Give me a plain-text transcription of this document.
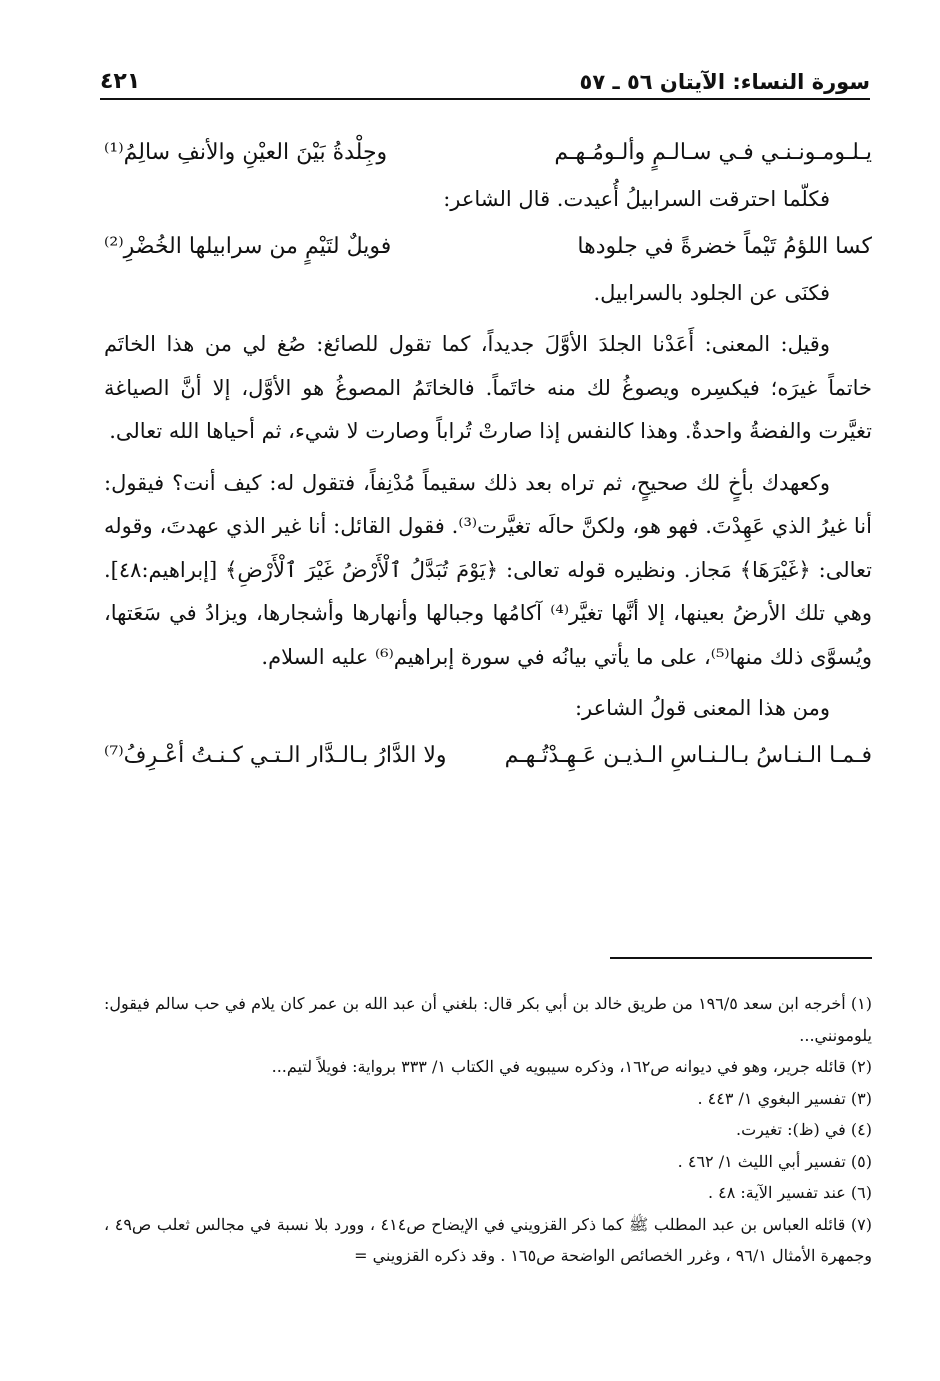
سورة النساء: الآيتان ٥٦ ـ ٥٧
٤٢١
يـلـومـونـنـي فـي سـالـمٍ وألـومُـهـم
وجِلْدةُ بَيْنَ العيْنِ والأنفِ سالِمُ⁽¹⁾

فكلّما احترقت السرابيلُ أُعيدت. قال الشاعر:

كسا اللؤمُ تَيْماً خضرةً في جلودها
فويلٌ لتَيْمٍ من سرابيلها الخُضْرِ⁽²⁾

فكنَى عن الجلود بالسرابيل.

وقيل: المعنى: أَعَدْنا الجلدَ الأوَّلَ جديداً، كما تقول للصائغ: صُغ لي من هذا الخاتَم خاتماً غيرَه؛ فيكسِره ويصوغُ لك منه خاتَماً. فالخاتَمُ المصوغُ هو الأوَّل، إلا أنَّ الصياغة تغيَّرت والفضةُ واحدةٌ. وهذا كالنفس إذا صارتْ تُراباً وصارت لا شيء، ثم أحياها الله تعالى.

وكعهدك بأخٍ لك صحيحٍ، ثم تراه بعد ذلك سقيماً مُدْنِفاً، فتقول له: كيف أنت؟ فيقول: أنا غيرُ الذي عَهِدْتَ. فهو هو، ولكنَّ حالَه تغيَّرت⁽³⁾. فقول القائل: أنا غير الذي عهدتَ، وقوله تعالى: ﴿غَيْرَهَا﴾ مَجاز. ونظيره قوله تعالى: ﴿يَوْمَ تُبَدَّلُ ٱلْأَرْضُ غَيْرَ ٱلْأَرْضِ﴾ [إبراهيم:٤٨]. وهي تلك الأرضُ بعينها، إلا أنَّها تغيَّر⁽⁴⁾ آكامُها وجبالها وأنهارها وأشجارها، ويزادُ في سَعَتها، ويُسوَّى ذلك منها⁽⁵⁾، على ما يأتي بيانُه في سورة إبراهيم⁽⁶⁾ عليه السلام.

ومن هذا المعنى قولُ الشاعر:

فـمـا الـنـاسُ بـالـنـاسِ الـذيـن عَـهِـدْتُـهـم
ولا الدَّارُ بـالـدَّار الـتـي كـنـتُ أعْـرِفُ⁽⁷⁾

(١) أخرجه ابن سعد ١٩٦/٥ من طريق خالد بن أبي بكر قال: بلغني أن عبد الله بن عمر كان يلام في حب سالم فيقول: يلومونني...

(٢) قائله جرير، وهو في ديوانه ص١٦٢، وذكره سيبويه في الكتاب ١/ ٣٣٣ برواية: فويلاً لتيم...

(٣) تفسير البغوي ١/ ٤٤٣ .

(٤) في (ظ): تغيرت.

(٥) تفسير أبي الليث ١/ ٤٦٢ .

(٦) عند تفسير الآية: ٤٨ .

(٧) قائله العباس بن عبد المطلب ﷺ كما ذكر القزويني في الإيضاح ص٤١٤ ، وورد بلا نسبة في مجالس ثعلب ص٤٩ ، وجمهرة الأمثال ٩٦/١ ، وغرر الخصائص الواضحة ص١٦٥ . وقد ذكره القزويني =
